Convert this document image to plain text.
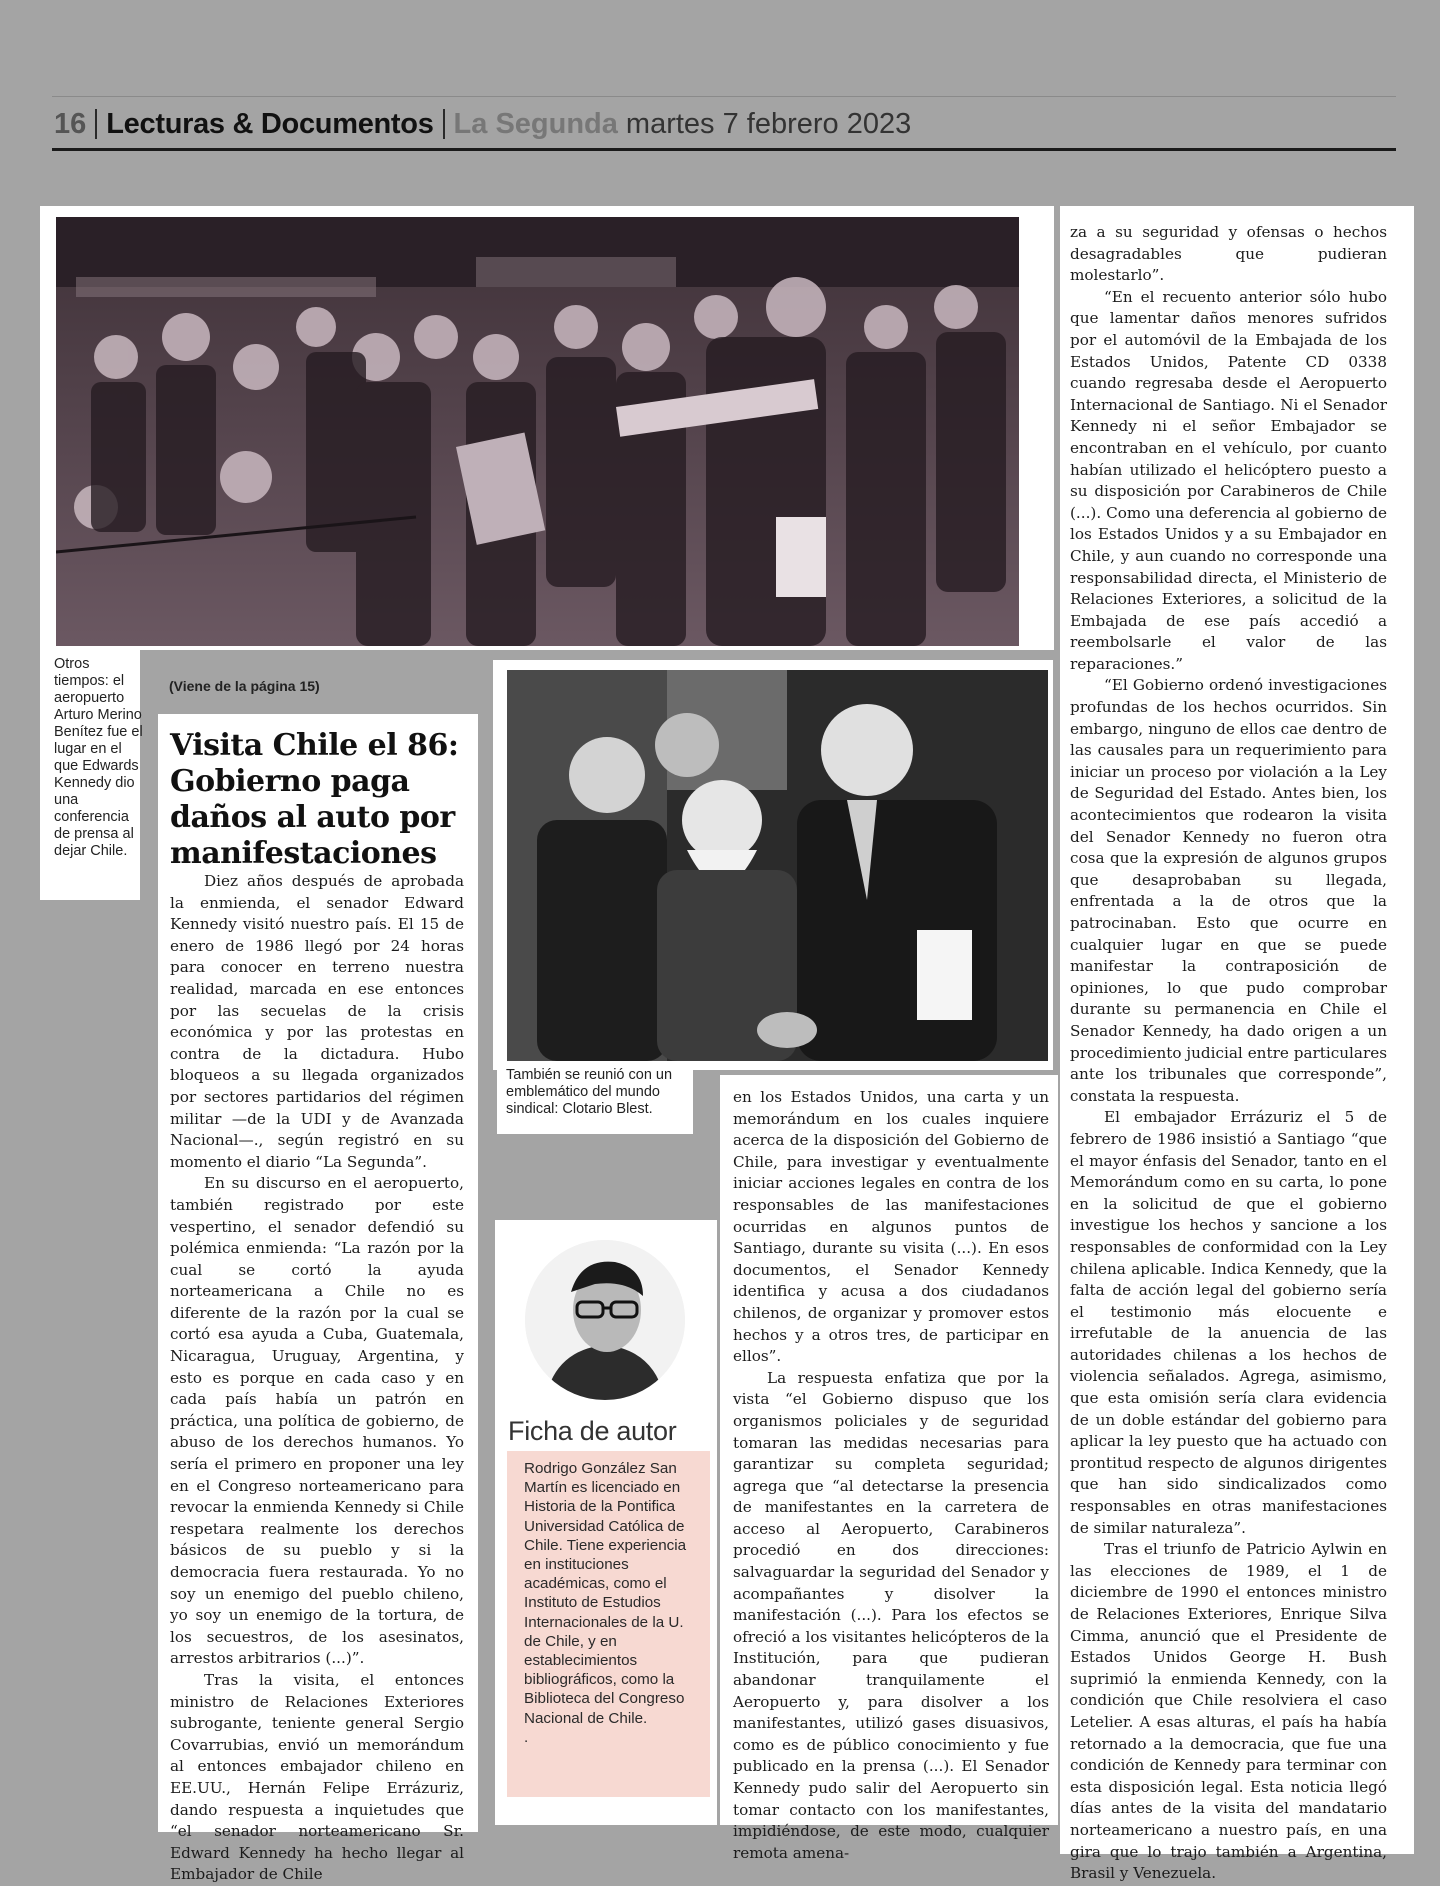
16 Lecturas & Documentos La Segunda martes 7 febrero 2023
Otros tiempos: el aeropuerto Arturo Merino Benítez fue el lugar en el que Edwards Kennedy dio una conferencia de prensa al dejar Chile.
(Viene de la página 15)
Visita Chile el 86: Gobierno paga daños al auto por manifestaciones

Diez años después de aprobada la enmienda, el senador Edward Kennedy visitó nuestro país. El 15 de enero de 1986 llegó por 24 horas para conocer en terreno nuestra realidad, marcada en ese entonces por las secuelas de la crisis económica y por las protestas en contra de la dictadura. Hubo bloqueos a su llegada organizados por sectores partidarios del régimen militar —de la UDI y de Avanzada Nacional—., según registró en su momento el diario “La Segunda”.

En su discurso en el aeropuerto, también registrado por este vespertino, el senador defendió su polémica enmienda: “La razón por la cual se cortó la ayuda norteamericana a Chile no es diferente de la razón por la cual se cortó esa ayuda a Cuba, Guatemala, Nicaragua, Uruguay, Argentina, y esto es porque en cada caso y en cada país había un patrón en práctica, una política de gobierno, de abuso de los derechos humanos. Yo sería el primero en proponer una ley en el Congreso norteamericano para revocar la enmienda Kennedy si Chile respetara realmente los derechos básicos de su pueblo y si la democracia fuera restaurada. Yo no soy un enemigo del pueblo chileno, yo soy un enemigo de la tortura, de los secuestros, de los asesinatos, arrestos arbitrarios (...)”.

Tras la visita, el entonces ministro de Relaciones Exteriores subrogante, teniente general Sergio Covarrubias, envió un memorándum al entonces embajador chileno en EE.UU., Hernán Felipe Errázuriz, dando respuesta a inquietudes que “el senador norteamericano Sr. Edward Kennedy ha hecho llegar al Embajador de Chile

También se reunió con un emblemático del mundo sindical: Clotario Blest.
Ficha de autor
Rodrigo González San Martín es licenciado en Historia de la Pontifica Universidad Católica de Chile. Tiene experiencia en instituciones académicas, como el Instituto de Estudios Internacionales de la U. de Chile, y en establecimientos bibliográficos, como la Biblioteca del Congreso Nacional de Chile.
.

en los Estados Unidos, una carta y un memorándum en los cuales inquiere acerca de la disposición del Gobierno de Chile, para investigar y eventualmente iniciar acciones legales en contra de los responsables de las manifestaciones ocurridas en algunos puntos de Santiago, durante su visita (...). En esos documentos, el Senador Kennedy identifica y acusa a dos ciudadanos chilenos, de organizar y promover estos hechos y a otros tres, de participar en ellos”.

La respuesta enfatiza que por la vista “el Gobierno dispuso que los organismos policiales y de seguridad tomaran las medidas necesarias para garantizar su completa seguridad; agrega que “al detectarse la presencia de manifestantes en la carretera de acceso al Aeropuerto, Carabineros procedió en dos direcciones: salvaguardar la seguridad del Senador y acompañantes y disolver la manifestación (...). Para los efectos se ofreció a los visitantes helicópteros de la Institución, para que pudieran abandonar tranquilamente el Aeropuerto y, para disolver a los manifestantes, utilizó gases disuasivos, como es de público conocimiento y fue publicado en la prensa (...). El Senador Kennedy pudo salir del Aeropuerto sin tomar contacto con los manifestantes, impidiéndose, de este modo, cualquier remota amena-

za a su seguridad y ofensas o hechos desagradables que pudieran molestarlo”.

“En el recuento anterior sólo hubo que lamentar daños menores sufridos por el automóvil de la Embajada de los Estados Unidos, Patente CD 0338 cuando regresaba desde el Aeropuerto Internacional de Santiago. Ni el Senador Kennedy ni el señor Embajador se encontraban en el vehículo, por cuanto habían utilizado el helicóptero puesto a su disposición por Carabineros de Chile (...). Como una deferencia al gobierno de los Estados Unidos y a su Embajador en Chile, y aun cuando no corresponde una responsabilidad directa, el Ministerio de Relaciones Exteriores, a solicitud de la Embajada de ese país accedió a reembolsarle el valor de las reparaciones.”

“El Gobierno ordenó investigaciones profundas de los hechos ocurridos. Sin embargo, ninguno de ellos cae dentro de las causales para un requerimiento para iniciar un proceso por violación a la Ley de Seguridad del Estado. Antes bien, los acontecimientos que rodearon la visita del Senador Kennedy no fueron otra cosa que la expresión de algunos grupos que desaprobaban su llegada, enfrentada a la de otros que la patrocinaban. Esto que ocurre en cualquier lugar en que se puede manifestar la contraposición de opiniones, lo que pudo comprobar durante su permanencia en Chile el Senador Kennedy, ha dado origen a un procedimiento judicial entre particulares ante los tribunales que corresponde”, constata la respuesta.

El embajador Errázuriz el 5 de febrero de 1986 insistió a Santiago “que el mayor énfasis del Senador, tanto en el Memorándum como en su carta, lo pone en la solicitud de que el gobierno investigue los hechos y sancione a los responsables de conformidad con la Ley chilena aplicable. Indica Kennedy, que la falta de acción legal del gobierno sería el testimonio más elocuente e irrefutable de la anuencia de las autoridades chilenas a los hechos de violencia señalados. Agrega, asimismo, que esta omisión sería clara evidencia de un doble estándar del gobierno para aplicar la ley puesto que ha actuado con prontitud respecto de algunos dirigentes que han sido sindicalizados como responsables en otras manifestaciones de similar naturaleza”.

Tras el triunfo de Patricio Aylwin en las elecciones de 1989, el 1 de diciembre de 1990 el entonces ministro de Relaciones Exteriores, Enrique Silva Cimma, anunció que el Presidente de Estados Unidos George H. Bush suprimió la enmienda Kennedy, con la condición que Chile resolviera el caso Letelier. A esas alturas, el país ha había retornado a la democracia, que fue una condición de Kennedy para terminar con esta disposición legal. Esta noticia llegó días antes de la visita del mandatario norteamericano a nuestro país, en una gira que lo trajo también a Argentina, Brasil y Venezuela.
